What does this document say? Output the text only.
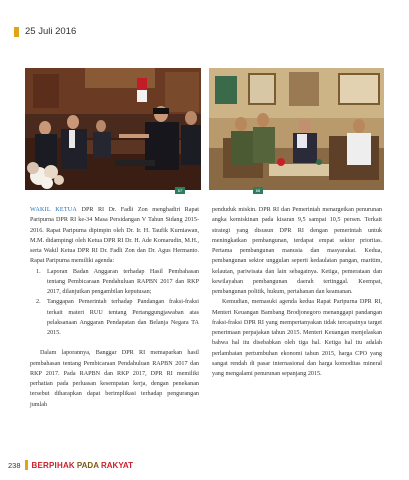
25 Juli 2016
67	68

WAKIL KETUA DPR RI Dr. Fadli Zon menghadiri Rapat Paripurna DPR RI ke-34 Masa Persidangan V Tahun Sidang 2015-2016. Rapat Paripurna dipimpin oleh Dr. Ir. H. Taufik Kurniawan, M.M. didampingi oleh Ketua DPR RI Dr. H. Ade Komarudin, M.H., serta Wakil Ketua DPR RI Dr. Fadli Zon dan Dr. Agus Hermanto. Rapat Paripurna memiliki agenda:

1.	Laporan Badan Anggaran terhadap Hasil Pembahasan tentang Pembicaraan Pendahuluan RAPBN 2017 dan RKP 2017, dilanjutkan pengambilan keputusan;
2.	Tanggapan Pemerintah terhadap Pandangan fraksi-fraksi terkait materi RUU tentang Pertanggungjawaban atas pelaksanaan Anggaran Pendapatan dan Belanja Negara TA 2015.

Dalam laporannya, Banggar DPR RI memaparkan hasil pembahasan tentang Pembicaraan Pendahuluan RAPBN 2017 dan RKP 2017. Pada RAPBN dan RKP 2017, DPR RI memiliki perhatian pada perluasan kesempatan kerja, dengan penekanan tersebut diharapkan dapat berimplikasi terhadap pengurangan jumlah

penduduk miskin. DPR RI dan Pemerintah menargetkan penurunan angka kemiskinan pada kisaran 9,5 sampai 10,5 persen. Terkait strategi yang disusun DPR RI dengan pemerintah untuk meningkatkan pembangunan, terdapat empat sektor prioritas. Pertama pembangunan manusia dan masyarakat. Kedua, pembangunan sektor unggulan seperti kedaulatan pangan, maritim, kelautan, pariwisata dan lain sebagainya. Ketiga, pemerataan dan kewilayahan pembangunan daerah tertinggal. Keempat, pembangunan politik, hukum, pertahanan dan keamanan.

Kemudian, memasuki agenda kedua Rapat Paripurna DPR RI, Menteri Keuangan Bambang Brodjonegoro menanggapi pandangan fraksi-fraksi DPR RI yang mempertanyakan tidak tercapainya target penerimaan perpajakan tahun 2015. Menteri Keuangan menjelaskan bahwa hal itu disebabkan oleh tiga hal. Ketiga hal itu adalah perlambatan pertumbuhan ekonomi tahun 2015, harga CPO yang sangat rendah di pasar internasional dan harga komoditas mineral yang mengalami penurunan sepanjang 2015.

238 BERPIHAK PADA RAKYAT
